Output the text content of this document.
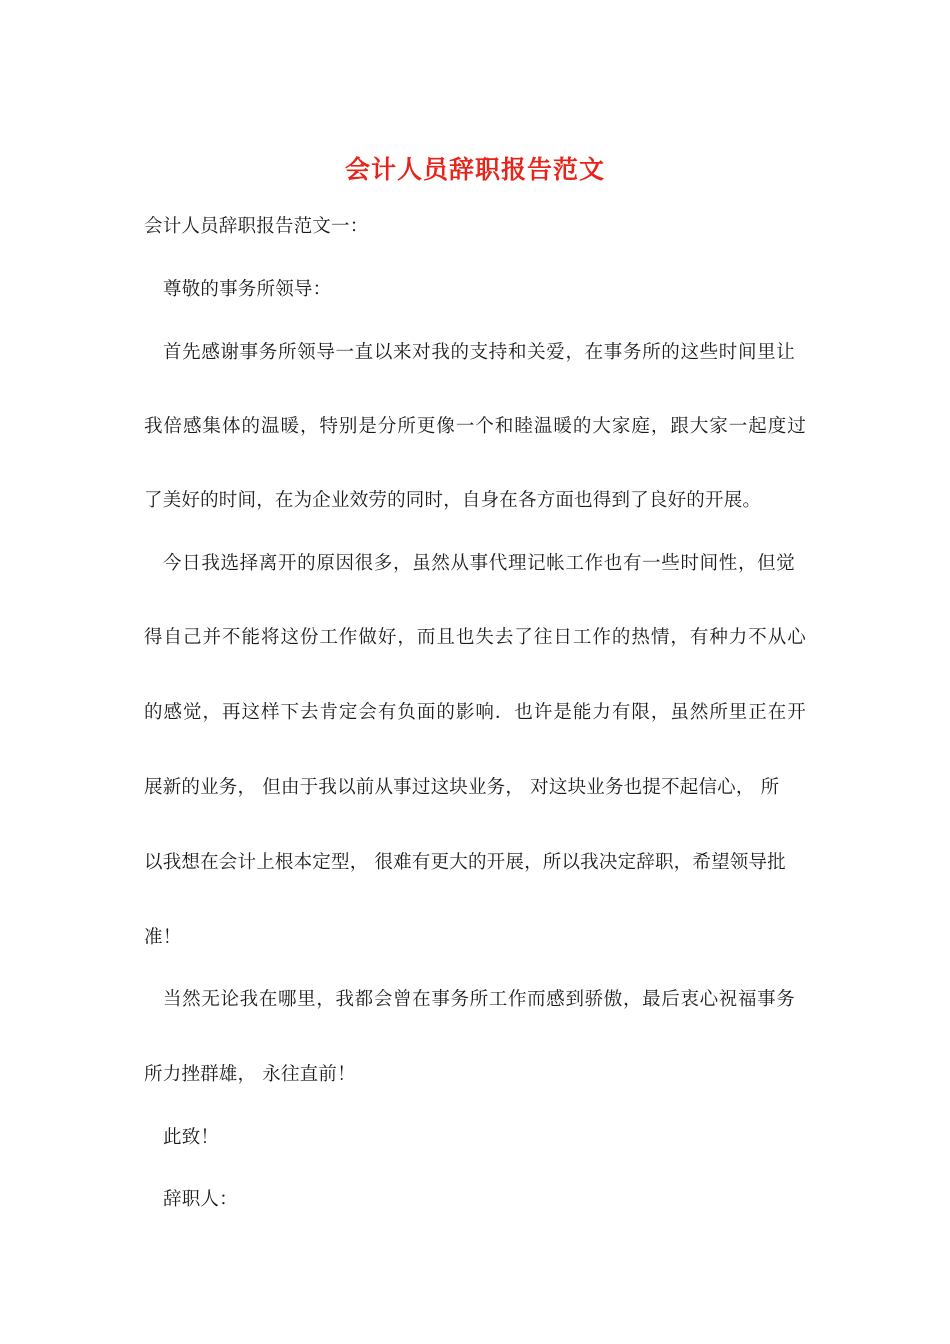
会计人员辞职报告范文
会计人员辞职报告范文一：
尊敬的事务所领导：
首先感谢事务所领导一直以来对我的支持和关爱，在事务所的这些时间里让
我倍感集体的温暖，特别是分所更像一个和睦温暖的大家庭，跟大家一起度过
了美好的时间，在为企业效劳的同时，自身在各方面也得到了良好的开展。
今日我选择离开的原因很多，虽然从事代理记帐工作也有一些时间性，但觉
得自己并不能将这份工作做好，而且也失去了往日工作的热情，有种力不从心
的感觉，再这样下去肯定会有负面的影响．也许是能力有限，虽然所里正在开
展新的业务， 但由于我以前从事过这块业务， 对这块业务也提不起信心， 所
以我想在会计上根本定型， 很难有更大的开展，所以我决定辞职，希望领导批
准！
当然无论我在哪里，我都会曾在事务所工作而感到骄傲，最后衷心祝福事务
所力挫群雄， 永往直前！
此致！
辞职人：
